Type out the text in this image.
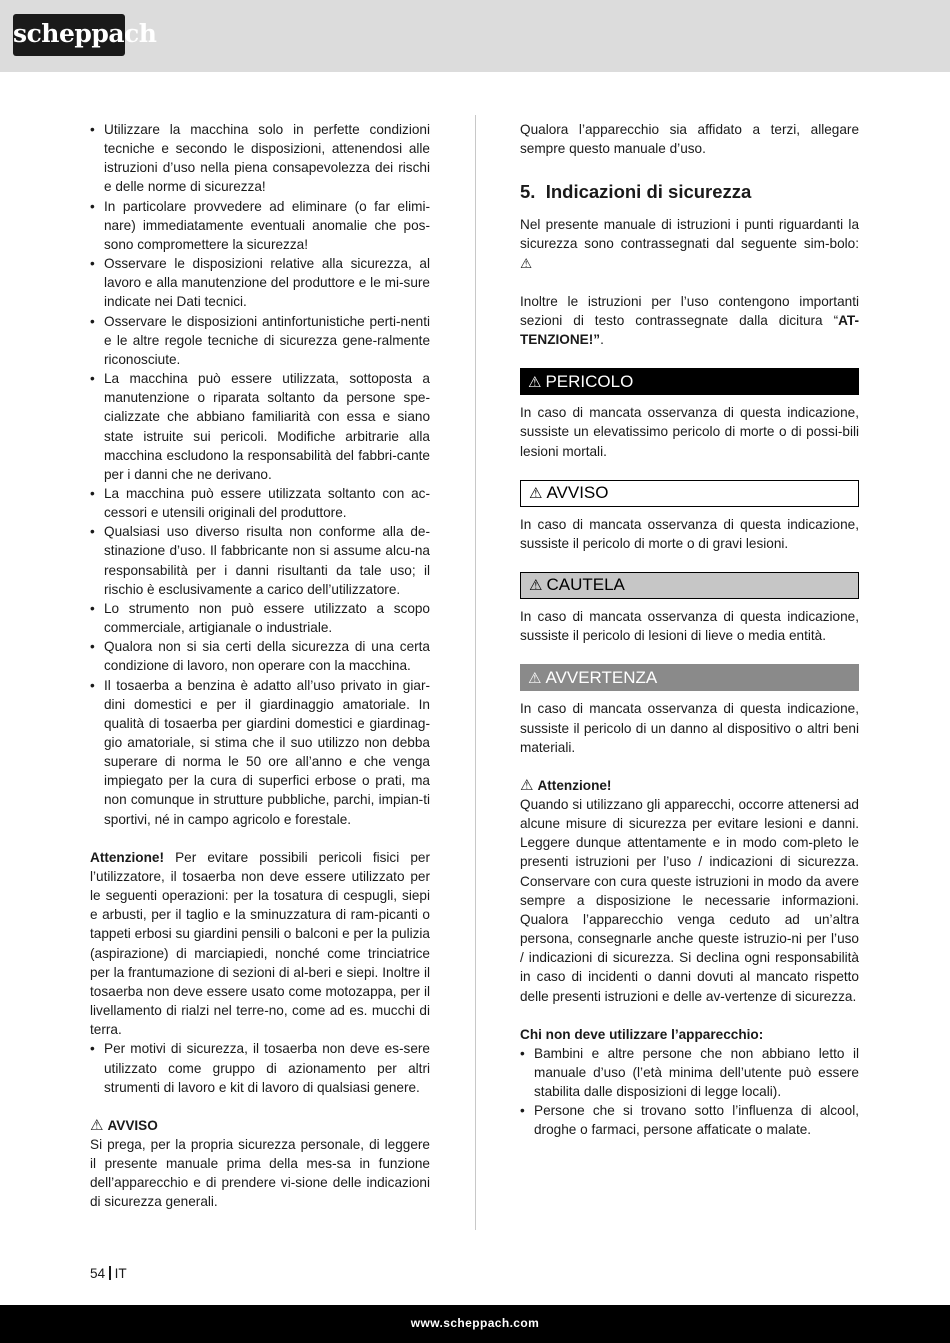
scheppach
• Utilizzare la macchina solo in perfette condizioni tecniche e secondo le disposizioni, attenendosi alle istruzioni d’uso nella piena consapevolezza dei rischi e delle norme di sicurezza!
• In particolare provvedere ad eliminare (o far elimi-nare) immediatamente eventuali anomalie che pos-sono compromettere la sicurezza!
• Osservare le disposizioni relative alla sicurezza, al lavoro e alla manutenzione del produttore e le mi-sure indicate nei Dati tecnici.
• Osservare le disposizioni antinfortunistiche perti-nenti e le altre regole tecniche di sicurezza gene-ralmente riconosciute.
• La macchina può essere utilizzata, sottoposta a manutenzione o riparata soltanto da persone spe-cializzate che abbiano familiarità con essa e siano state istruite sui pericoli. Modifiche arbitrarie alla macchina escludono la responsabilità del fabbri-cante per i danni che ne derivano.
• La macchina può essere utilizzata soltanto con ac-cessori e utensili originali del produttore.
• Qualsiasi uso diverso risulta non conforme alla de-stinazione d’uso. Il fabbricante non si assume alcu-na responsabilità per i danni risultanti da tale uso; il rischio è esclusivamente a carico dell’utilizzatore.
• Lo strumento non può essere utilizzato a scopo commerciale, artigianale o industriale.
• Qualora non si sia certi della sicurezza di una certa condizione di lavoro, non operare con la macchina.
• Il tosaerba a benzina è adatto all’uso privato in giar-dini domestici e per il giardinaggio amatoriale. In qualità di tosaerba per giardini domestici e giardinag-gio amatoriale, si stima che il suo utilizzo non debba superare di norma le 50 ore all’anno e che venga impiegato per la cura di superfici erbose o prati, ma non comunque in strutture pubbliche, parchi, impian-ti sportivi, né in campo agricolo e forestale.

Attenzione! Per evitare possibili pericoli fisici per l’utilizzatore, il tosaerba non deve essere utilizzato per le seguenti operazioni: per la tosatura di cespugli, siepi e arbusti, per il taglio e la sminuzzatura di ram-picanti o tappeti erbosi su giardini pensili o balconi e per la pulizia (aspirazione) di marciapiedi, nonché come trinciatrice per la frantumazione di sezioni di al-beri e siepi. Inoltre il tosaerba non deve essere usato come motozappa, per il livellamento di rialzi nel terre-no, come ad es. mucchi di terra.

• Per motivi di sicurezza, il tosaerba non deve es-sere utilizzato come gruppo di azionamento per altri strumenti di lavoro e kit di lavoro di qualsiasi genere.

⚠ AVVISO

Si prega, per la propria sicurezza personale, di leggere il presente manuale prima della mes-sa in funzione dell’apparecchio e di prendere vi-sione delle indicazioni di sicurezza generali.

Qualora l’apparecchio sia affidato a terzi, allegare sempre questo manuale d’uso.

5. Indicazioni di sicurezza

Nel presente manuale di istruzioni i punti riguardanti la sicurezza sono contrassegnati dal seguente sim-bolo: ⚠

Inoltre le istruzioni per l’uso contengono importanti sezioni di testo contrassegnate dalla dicitura “AT-TENZIONE!”.

⚠ PERICOLO

In caso di mancata osservanza di questa indicazione, sussiste un elevatissimo pericolo di morte o di possi-bili lesioni mortali.

⚠ AVVISO

In caso di mancata osservanza di questa indicazione, sussiste il pericolo di morte o di gravi lesioni.

⚠ CAUTELA

In caso di mancata osservanza di questa indicazione, sussiste il pericolo di lesioni di lieve o media entità.

⚠ AVVERTENZA

In caso di mancata osservanza di questa indicazione, sussiste il pericolo di un danno al dispositivo o altri beni materiali.

⚠ Attenzione!

Quando si utilizzano gli apparecchi, occorre attenersi ad alcune misure di sicurezza per evitare lesioni e danni. Leggere dunque attentamente e in modo com-pleto le presenti istruzioni per l’uso / indicazioni di sicurezza. Conservare con cura queste istruzioni in modo da avere sempre a disposizione le necessarie informazioni. Qualora l’apparecchio venga ceduto ad un’altra persona, consegnarle anche queste istruzio-ni per l’uso / indicazioni di sicurezza. Si declina ogni responsabilità in caso di incidenti o danni dovuti al mancato rispetto delle presenti istruzioni e delle av-vertenze di sicurezza.

Chi non deve utilizzare l’apparecchio:

• Bambini e altre persone che non abbiano letto il manuale d’uso (l’età minima dell’utente può essere stabilita dalle disposizioni di legge locali).
• Persone che si trovano sotto l’influenza di alcool, droghe o farmaci, persone affaticate o malate.
54 IT
www.scheppach.com
